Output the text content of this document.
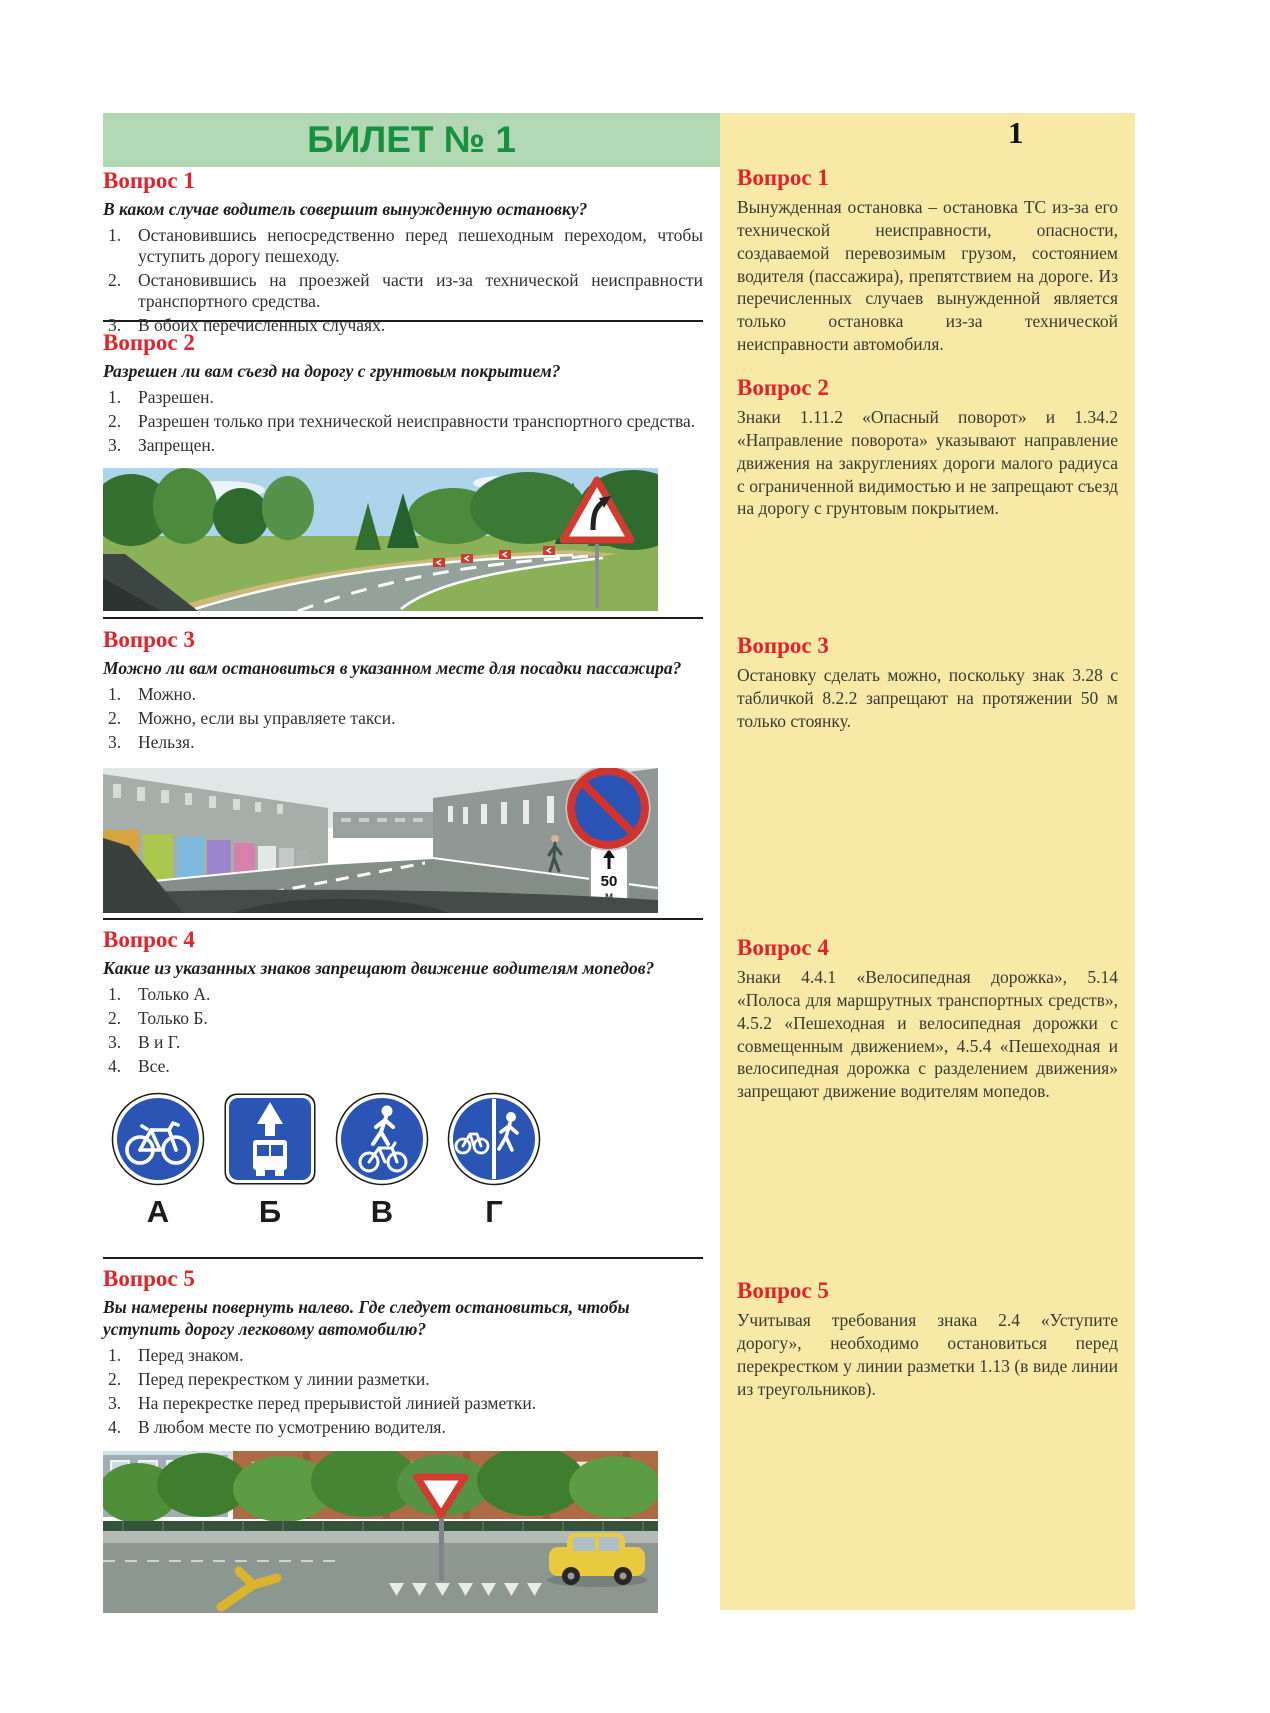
БИЛЕТ № 1	1
Вопрос 1

Вынужденная остановка – остановка ТС из-за его технической неисправности, опасности, создаваемой перевозимым грузом, состоянием водителя (пассажира), препятствием на дороге. Из перечисленных случаев вынужденной является только остановка из-за технической неисправности автомобиля.

Вопрос 2

Знаки 1.11.2 «Опасный поворот» и 1.34.2 «Направление поворота» указывают направление движения на закруглениях дороги малого радиуса с ограниченной видимостью и не запрещают съезд на дорогу с грунтовым покрытием.

Вопрос 3

Остановку сделать можно, поскольку знак 3.28 с табличкой 8.2.2 запрещают на протяжении 50 м только стоянку.

Вопрос 4

Знаки 4.4.1 «Велосипедная дорожка», 5.14 «Полоса для маршрутных транспортных средств», 4.5.2 «Пешеходная и велосипедная дорожки с совмещенным движением», 4.5.4 «Пешеходная и велосипедная дорожка с разделением движения» запрещают движение водителям мопедов.

Вопрос 5

Учитывая требования знака 2.4 «Уступите дорогу», необходимо остановиться перед перекрестком у линии разметки 1.13 (в виде линии из треугольников).

Вопрос 1
В каком случае водитель совершит вынужденную остановку?
1. Остановившись непосредственно перед пешеходным переходом, чтобы уступить дорогу пешеходу.
2. Остановившись на проезжей части из-за технической неисправности транспортного средства.
3. В обоих перечисленных случаях.
Вопрос 2
Разрешен ли вам съезд на дорогу с грунтовым покрытием?
1. Разрешен.
2. Разрешен только при технической неисправности транспортного средства.
3. Запрещен.
Вопрос 3
Можно ли вам остановиться в указанном месте для посадки пассажира?
1. Можно.
2. Можно, если вы управляете такси.
3. Нельзя.
50
м
Вопрос 4
Какие из указанных знаков запрещают движение водителям мопедов?
1. Только А.
2. Только Б.
3. В и Г.
4. Все.
А	Б	В	Г
Вопрос 5
Вы намерены повернуть налево. Где следует остановиться, чтобы уступить дорогу легковому автомобилю?
1. Перед знаком.
2. Перед перекрестком у линии разметки.
3. На перекрестке перед прерывистой линией разметки.
4. В любом месте по усмотрению водителя.
